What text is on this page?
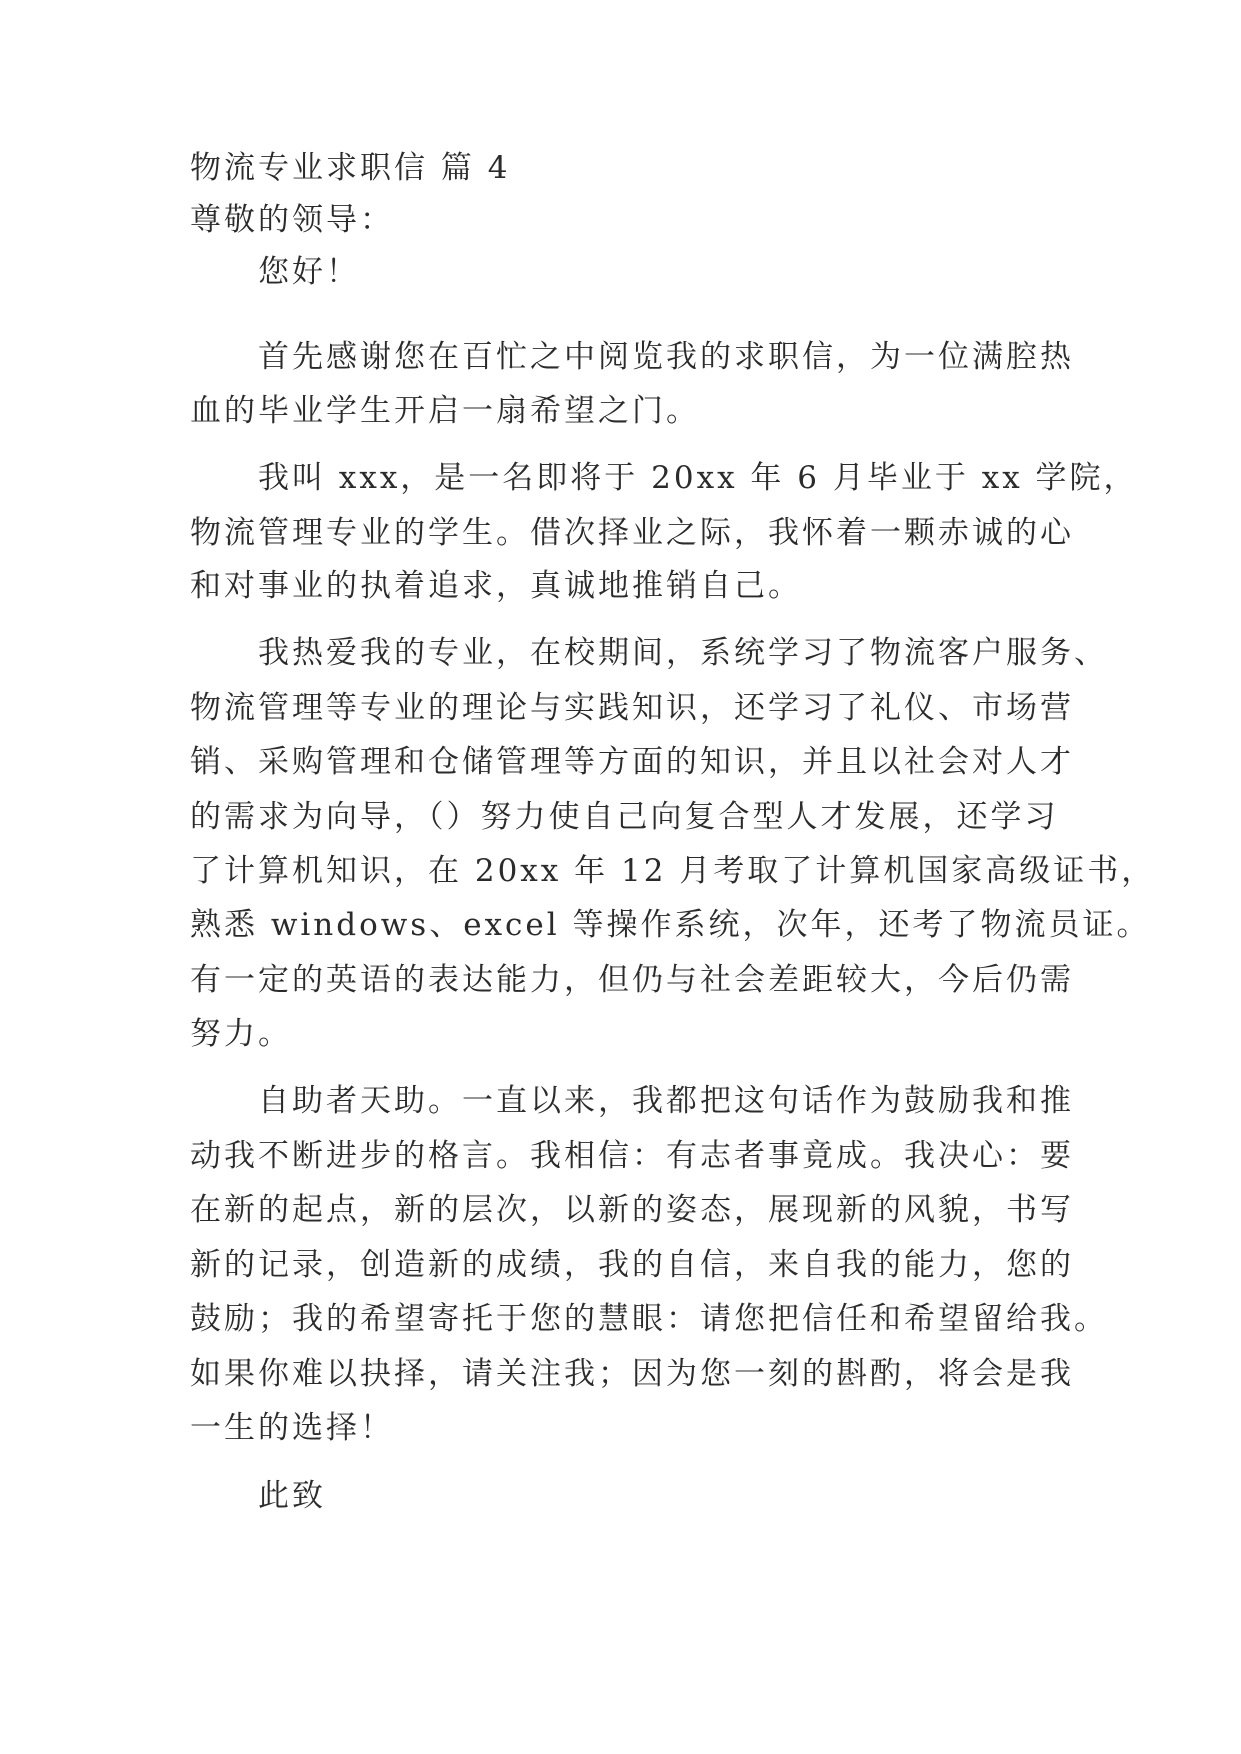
物流专业求职信 篇 4
尊敬的领导：
您好！
首先感谢您在百忙之中阅览我的求职信，为一位满腔热
血的毕业学生开启一扇希望之门。
我叫 xxx，是一名即将于 20xx 年 6 月毕业于 xx 学院，
物流管理专业的学生。借次择业之际，我怀着一颗赤诚的心
和对事业的执着追求，真诚地推销自己。
我热爱我的专业，在校期间，系统学习了物流客户服务、
物流管理等专业的理论与实践知识，还学习了礼仪、市场营
销、采购管理和仓储管理等方面的知识，并且以社会对人才
的需求为向导，（）努力使自己向复合型人才发展，还学习
了计算机知识，在 20xx 年 12 月考取了计算机国家高级证书，
熟悉 windows、excel 等操作系统，次年，还考了物流员证。
有一定的英语的表达能力，但仍与社会差距较大，今后仍需
努力。
自助者天助。一直以来，我都把这句话作为鼓励我和推
动我不断进步的格言。我相信：有志者事竟成。我决心：要
在新的起点，新的层次，以新的姿态，展现新的风貌，书写
新的记录，创造新的成绩，我的自信，来自我的能力，您的
鼓励；我的希望寄托于您的慧眼：请您把信任和希望留给我。
如果你难以抉择，请关注我；因为您一刻的斟酌，将会是我
一生的选择！
此致
